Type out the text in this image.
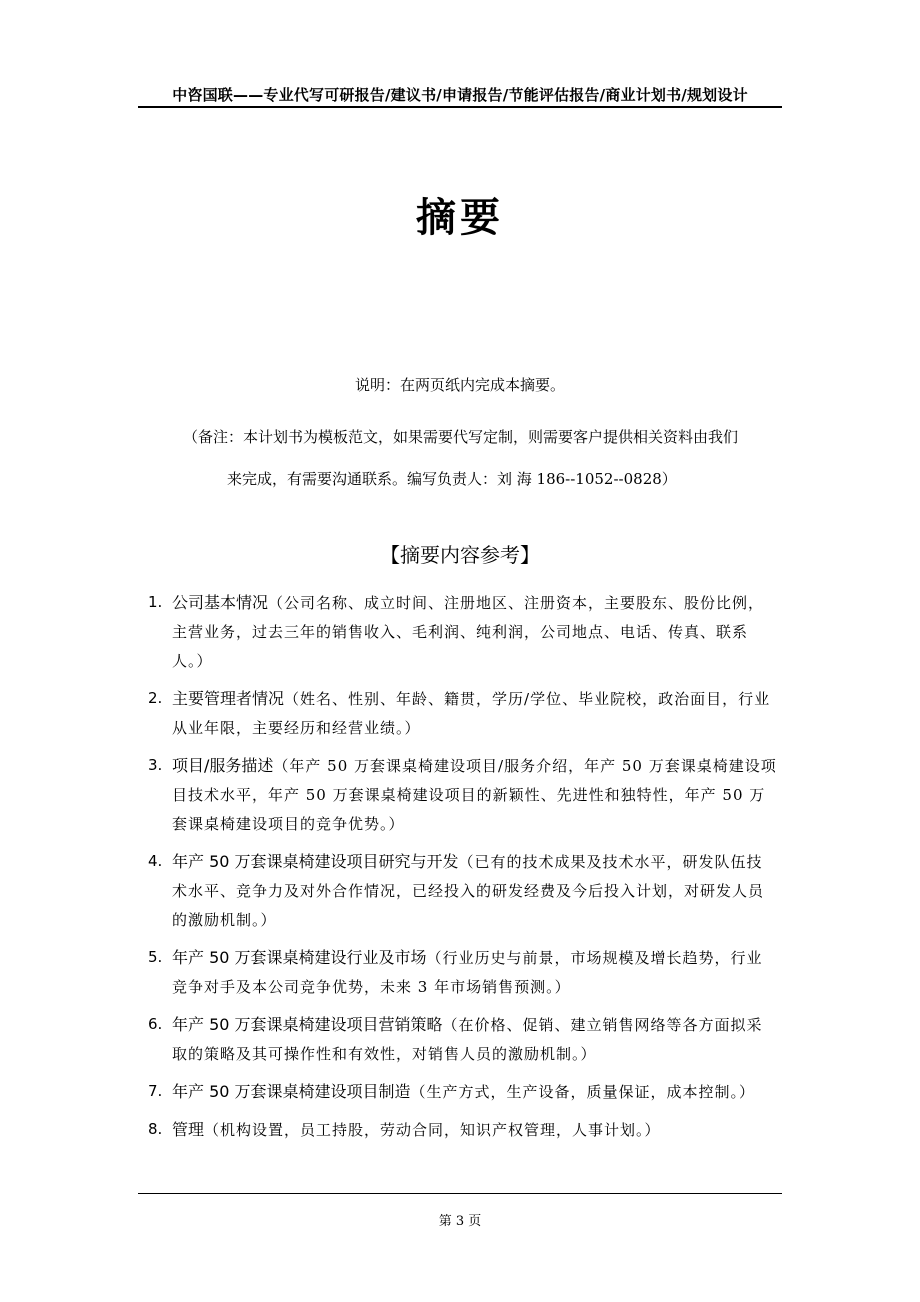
中咨国联——专业代写可研报告/建议书/申请报告/节能评估报告/商业计划书/规划设计
摘要
说明：在两页纸内完成本摘要。
（备注：本计划书为模板范文，如果需要代写定制，则需要客户提供相关资料由我们
来完成，有需要沟通联系。编写负责人：刘 海 186--1052--0828）
【摘要内容参考】
1. 公司基本情况（公司名称、成立时间、注册地区、注册资本，主要股东、股份比例，主营业务，过去三年的销售收入、毛利润、纯利润，公司地点、电话、传真、联系人。）
2. 主要管理者情况（姓名、性别、年龄、籍贯，学历/学位、毕业院校，政治面目，行业从业年限，主要经历和经营业绩。）
3. 项目/服务描述（年产 50 万套课桌椅建设项目/服务介绍，年产 50 万套课桌椅建设项目技术水平，年产 50 万套课桌椅建设项目的新颖性、先进性和独特性，年产 50 万套课桌椅建设项目的竞争优势。）
4. 年产 50 万套课桌椅建设项目研究与开发（已有的技术成果及技术水平，研发队伍技术水平、竞争力及对外合作情况，已经投入的研发经费及今后投入计划，对研发人员的激励机制。）
5. 年产 50 万套课桌椅建设行业及市场（行业历史与前景，市场规模及增长趋势，行业竞争对手及本公司竞争优势，未来 3 年市场销售预测。）
6. 年产 50 万套课桌椅建设项目营销策略（在价格、促销、建立销售网络等各方面拟采取的策略及其可操作性和有效性，对销售人员的激励机制。）
7. 年产 50 万套课桌椅建设项目制造（生产方式，生产设备，质量保证，成本控制。）
8. 管理（机构设置，员工持股，劳动合同，知识产权管理，人事计划。）
第 3 页
